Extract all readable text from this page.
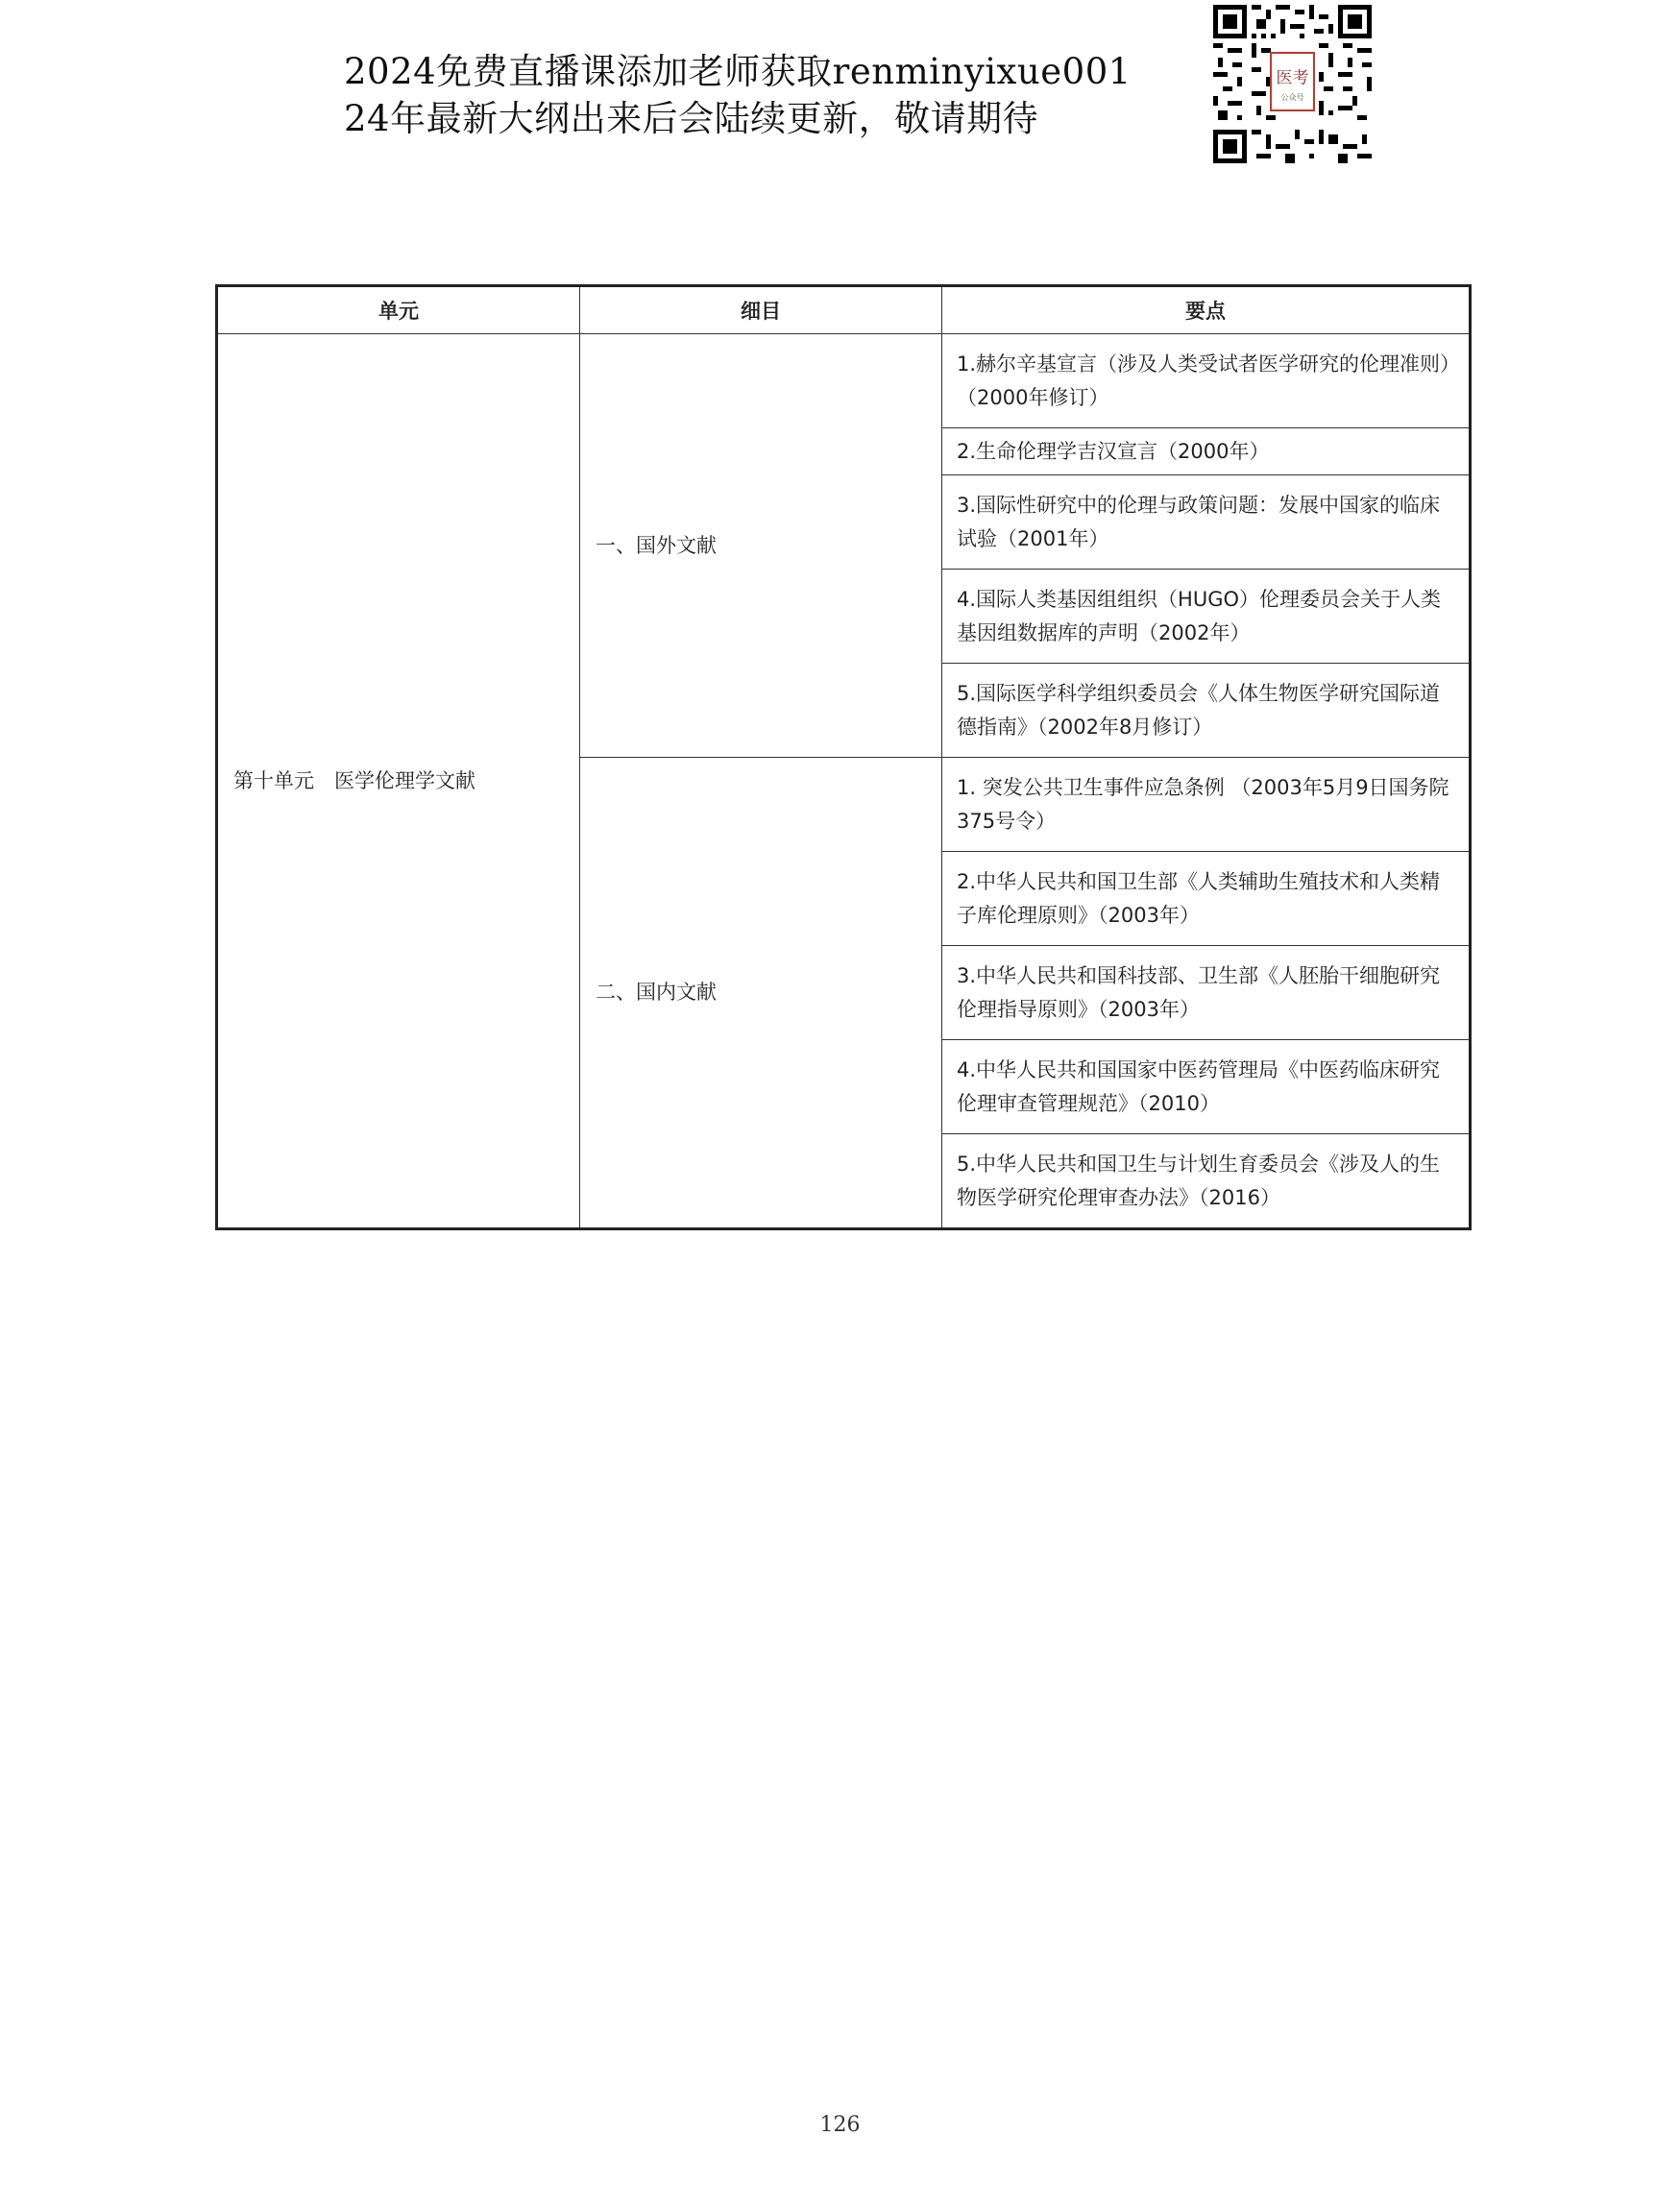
2024免费直播课添加老师获取renminyixue001
24年最新大纲出来后会陆续更新，敬请期待
医考
公众号
单元	细目	要点
第十单元　医学伦理学文献	一、国外文献	1.赫尔辛基宣言（涉及人类受试者医学研究的伦理准则）（2000年修订）
		2.生命伦理学吉汉宣言（2000年）
		3.国际性研究中的伦理与政策问题：发展中国家的临床试验（2001年）
		4.国际人类基因组组织（HUGO）伦理委员会关于人类基因组数据库的声明（2002年）
		5.国际医学科学组织委员会《人体生物医学研究国际道德指南》（2002年8月修订）
	二、国内文献	1. 突发公共卫生事件应急条例 （2003年5月9日国务院375号令）
		2.中华人民共和国卫生部《人类辅助生殖技术和人类精子库伦理原则》（2003年）
		3.中华人民共和国科技部、卫生部《人胚胎干细胞研究伦理指导原则》（2003年）
		4.中华人民共和国国家中医药管理局《中医药临床研究伦理审查管理规范》（2010）
		5.中华人民共和国卫生与计划生育委员会《涉及人的生物医学研究伦理审查办法》（2016）
126
